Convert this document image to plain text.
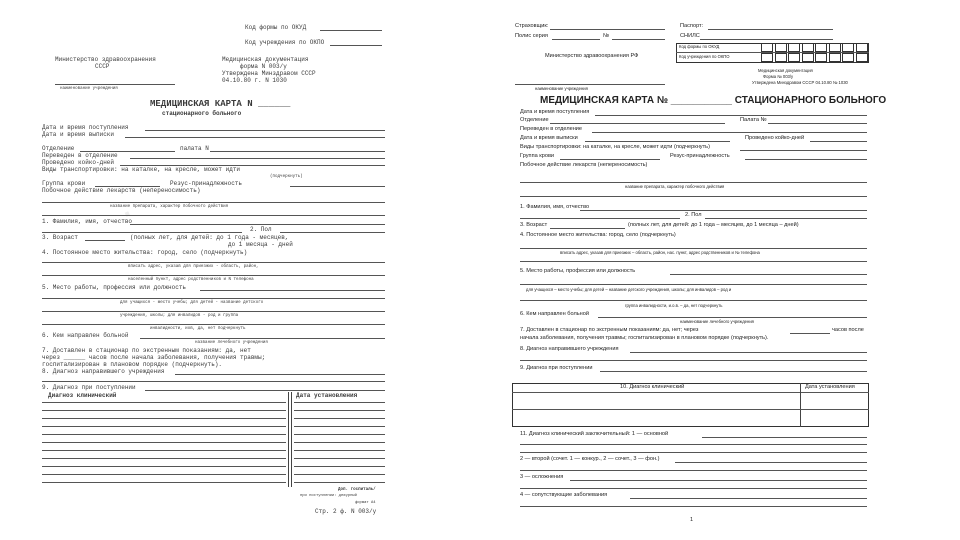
·
Код формы по ОКУД
Код учреждения по ОКПО
Министерство здравоохранения
СССР
Медицинская документация
форма N 003/у
Утверждена Минздравом СССР
04.10.80 г. N 1030
наименование учреждения
МЕДИЦИНСКАЯ КАРТА N ______
стационарного больного
Дата и время поступления
Дата и время выписки
Отделение	палата N
Переведен в отделение
Проведено койко-дней
Виды транспортировки: на каталке, на кресле, может идти
(подчеркнуть)
Группа крови	Резус-принадлежность
Побочное действие лекарств (непереносимость)
название препарата, характер побочного действия
1. Фамилия, имя, отчество
2. Пол
3. Возраст	(полных лет, для детей: до 1 года - месяцев,
до 1 месяца - дней
4. Постоянное место жительства: город, село (подчеркнуть)
вписать адрес, указав для приезжих - область, район,
населенный пункт, адрес родственников и N телефона
5. Место работы, профессия или должность
для учащихся - место учебы; для детей - название детского
учреждения, школы; для инвалидов - род и группа
инвалидности, иов, да, нет подчеркнуть
6. Кем направлен больной
название лечебного учреждения
7. Доставлен в стационар по экстренным показаниям: да, нет
через ______ часов после начала заболевания, получения травмы;
госпитализирован в плановом порядке (подчеркнуть).
8. Диагноз направившего учреждения
9. Диагноз при поступлении
Диагноз клинический	Дата установления
Доп. госпиталь/
при поступлении: дежурный
формат А4
Стр. 2 ф. N 003/у
Страховщик:
Полис серия	№
Паспорт:
СНИЛС
Министерство здравоохранения РФ
Код формы по ОКУД
Код учреждения по ОКПО
наименование учреждения
Медицинская документация
Форма № 003/у
Утверждена Минздравом СССР 04.10.80 № 1030
МЕДИЦИНСКАЯ КАРТА № ___________ СТАЦИОНАРНОГО БОЛЬНОГО
Дата и время поступления
Отделение	Палата №
Переведен в отделение
Дата и время выписки	Проведено койко-дней
Виды транспортировки: на каталке, на кресле, может идти (подчеркнуть)
Группа крови	Резус-принадлежность
Побочное действие лекарств (непереносимость)
название препарата, характер побочного действия
1. Фамилия, имя, отчество
2. Пол
3. Возраст	(полных лет, для детей: до 1 года – месяцев, до 1 месяца – дней)
4. Постоянное место жительства: город, село (подчеркнуть)
вписать адрес, указав для приезжих – область, район, нас. пункт, адрес родственников и № телефона
5. Место работы, профессия или должность
для учащихся – место учебы; для детей – название детского учреждения, школы; для инвалидов – род и
группа инвалидности, и.о.в. – да, нет подчеркнуть
6. Кем направлен больной
наименование лечебного учреждения
7. Доставлен в стационар по экстренным показаниям: да, нет; через	часов после
начала заболевания, получения травмы; госпитализирован в плановом порядке (подчеркнуть).
8. Диагноз направившего учреждения
9. Диагноз при поступлении
10. Диагноз клинический	Дата установления
11. Диагноз клинический заключительный: 1 — основной
2 — второй (сочет. 1 — конкур., 2 — сочет., 3 — фон.)
3 — осложнения
4 — сопутствующие заболевания
1
